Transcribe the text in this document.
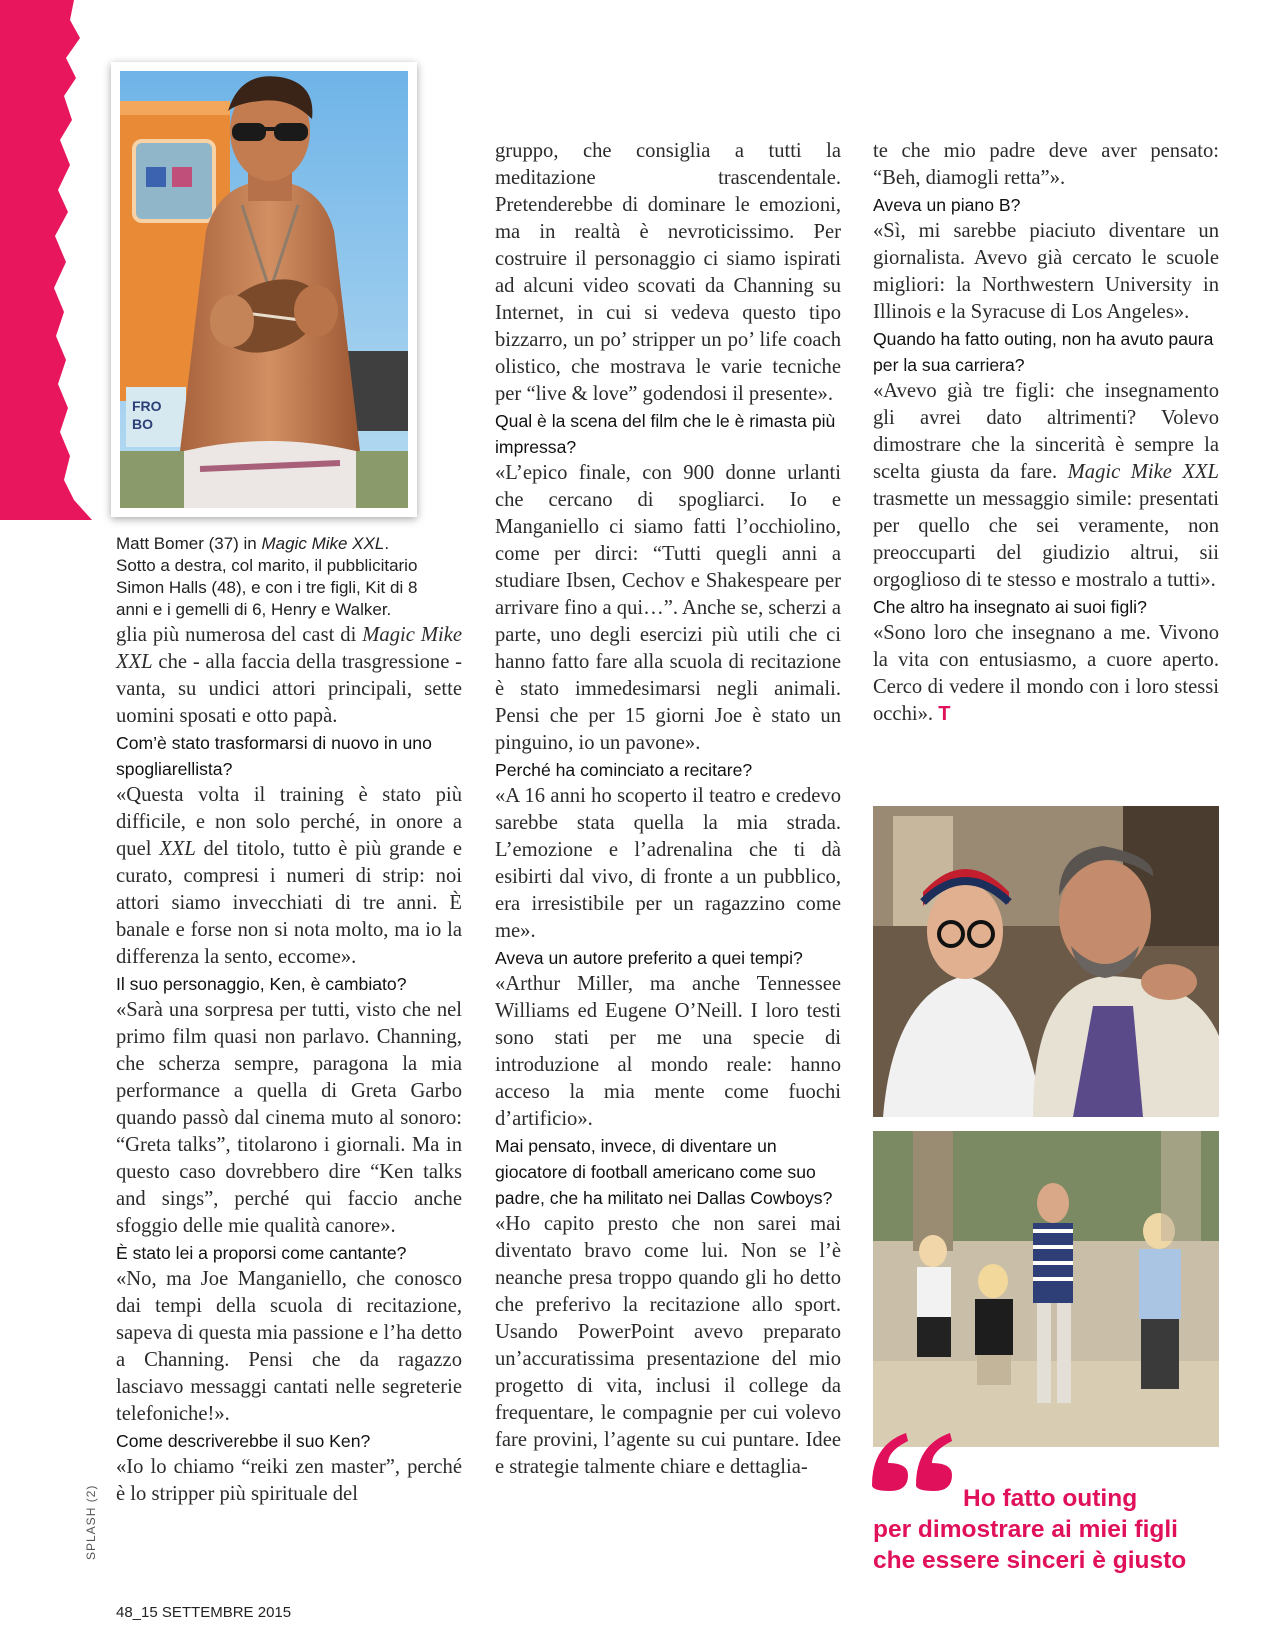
FRO
BO
Matt Bomer (37) in Magic Mike XXL.
Sotto a destra, col marito, il pubblicitario
Simon Halls (48), e con i tre figli, Kit di 8
anni e i gemelli di 6, Henry e Walker.

glia più numerosa del cast di Magic Mike XXL che - alla faccia della trasgressione - vanta, su undici attori principali, sette uomini sposati e otto papà.

Com’è stato trasformarsi di nuovo in uno spogliarellista?

«Questa volta il training è stato più difficile, e non solo perché, in onore a quel XXL del titolo, tutto è più grande e curato, compresi i numeri di strip: noi attori siamo invecchiati di tre anni. È banale e forse non si nota molto, ma io la differenza la sento, eccome».

Il suo personaggio, Ken, è cambiato?

«Sarà una sorpresa per tutti, visto che nel primo film quasi non parlavo. Channing, che scherza sempre, paragona la mia performance a quella di Greta Garbo quando passò dal cinema muto al sonoro: “Greta talks”, titolarono i giornali. Ma in questo caso dovrebbero dire “Ken talks and sings”, perché qui faccio anche sfoggio delle mie qualità canore».

È stato lei a proporsi come cantante?

«No, ma Joe Manganiello, che conosco dai tempi della scuola di recitazione, sapeva di questa mia passione e l’ha detto a Channing. Pensi che da ragazzo lasciavo messaggi cantati nelle segreterie telefoniche!».

Come descriverebbe il suo Ken?

«Io lo chiamo “reiki zen master”, perché è lo stripper più spirituale del

gruppo, che consiglia a tutti la meditazione trascendentale. Pretenderebbe di dominare le emozioni, ma in realtà è nevroticissimo. Per costruire il personaggio ci siamo ispirati ad alcuni video scovati da Channing su Internet, in cui si vedeva questo tipo bizzarro, un po’ stripper un po’ life coach olistico, che mostrava le varie tecniche per “live & love” godendosi il presente».

Qual è la scena del film che le è rimasta più impressa?

«L’epico finale, con 900 donne urlanti che cercano di spogliarci. Io e Manganiello ci siamo fatti l’occhiolino, come per dirci: “Tutti quegli anni a studiare Ibsen, Cechov e Shakespeare per arrivare fino a qui…”. Anche se, scherzi a parte, uno degli esercizi più utili che ci hanno fatto fare alla scuola di recitazione è stato immedesimarsi negli animali. Pensi che per 15 giorni Joe è stato un pinguino, io un pavone».

Perché ha cominciato a recitare?

«A 16 anni ho scoperto il teatro e credevo sarebbe stata quella la mia strada. L’emozione e l’adrenalina che ti dà esibirti dal vivo, di fronte a un pubblico, era irresistibile per un ragazzino come me».

Aveva un autore preferito a quei tempi?

«Arthur Miller, ma anche Tennessee Williams ed Eugene O’Neill. I loro testi sono stati per me una specie di introduzione al mondo reale: hanno acceso la mia mente come fuochi d’artificio».

Mai pensato, invece, di diventare un giocatore di football americano come suo padre, che ha militato nei Dallas Cowboys?

«Ho capito presto che non sarei mai diventato bravo come lui. Non se l’è neanche presa troppo quando gli ho detto che preferivo la recitazione allo sport. Usando PowerPoint avevo preparato un’accuratissima presentazione del mio progetto di vita, inclusi il college da frequentare, le compagnie per cui volevo fare provini, l’agente su cui puntare. Idee e strategie talmente chiare e dettaglia-

te che mio padre deve aver pensato: “Beh, diamogli retta”».

Aveva un piano B?

«Sì, mi sarebbe piaciuto diventare un giornalista. Avevo già cercato le scuole migliori: la Northwestern University in Illinois e la Syracuse di Los Angeles».

Quando ha fatto outing, non ha avuto paura per la sua carriera?

«Avevo già tre figli: che insegnamento gli avrei dato altrimenti? Volevo dimostrare che la sincerità è sempre la scelta giusta da fare. Magic Mike XXL trasmette un messaggio simile: presentati per quello che sei veramente, non preoccuparti del giudizio altrui, sii orgoglioso di te stesso e mostralo a tutti».

Che altro ha insegnato ai suoi figli?

«Sono loro che insegnano a me. Vivono la vita con entusiasmo, a cuore aperto. Cerco di vedere il mondo con i loro stessi occhi». T

Ho fatto outing
per dimostrare ai miei figli
che essere sinceri è giusto
SPLASH (2)
48_15 SETTEMBRE 2015
